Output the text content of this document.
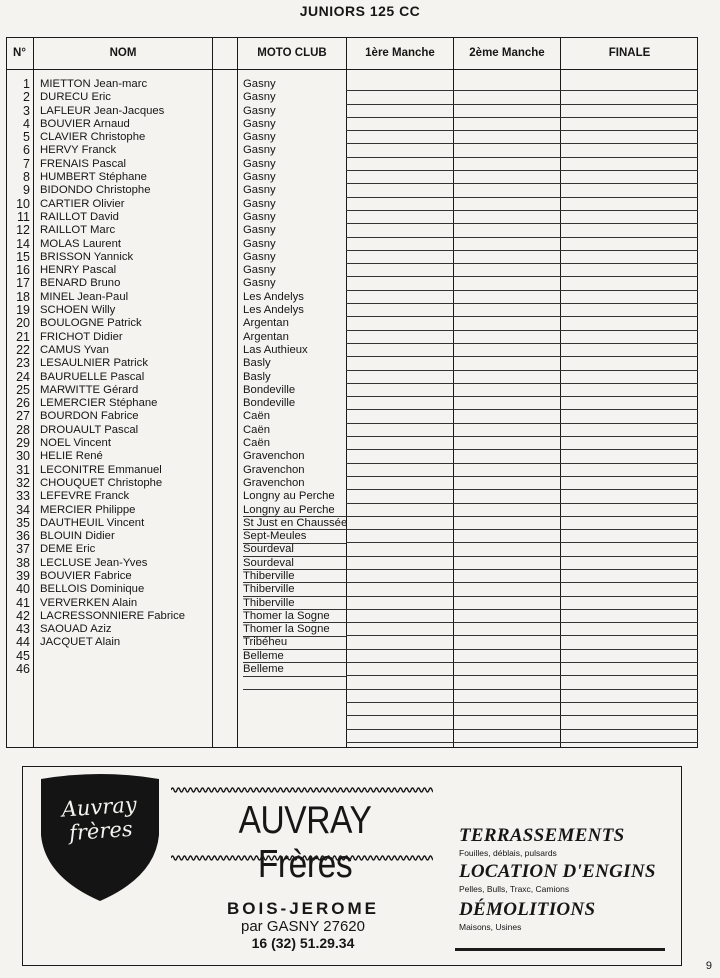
JUNIORS 125 CC
N°	NOM	MOTO CLUB	1ère Manche	2ème Manche	FINALE
1 MIETTON Jean-marc	Gasny
2 DURECU Eric	Gasny
3 LAFLEUR Jean-Jacques	Gasny
4 BOUVIER Arnaud	Gasny
5 CLAVIER Christophe	Gasny
6 HERVY Franck	Gasny
7 FRENAIS Pascal	Gasny
8 HUMBERT Stéphane	Gasny
9 BIDONDO Christophe	Gasny
10 CARTIER Olivier	Gasny
11 RAILLOT David	Gasny
12 RAILLOT Marc	Gasny
14 MOLAS Laurent	Gasny
15 BRISSON Yannick	Gasny
16 HENRY Pascal	Gasny
17 BENARD Bruno	Gasny
18 MINEL Jean-Paul	Les Andelys
19 SCHOEN Willy	Les Andelys
20 BOULOGNE Patrick	Argentan
21 FRICHOT Didier	Argentan
22 CAMUS Yvan	Las Authieux
23 LESAULNIER Patrick	Basly
24 BAURUELLE Pascal	Basly
25 MARWITTE Gérard	Bondeville
26 LEMERCIER Stéphane	Bondeville
27 BOURDON Fabrice	Caën
28 DROUAULT Pascal	Caën
29 NOEL Vincent	Caën
30 HELIE René	Gravenchon
31 LECONITRE Emmanuel	Gravenchon
32 CHOUQUET Christophe	Gravenchon
33 LEFEVRE Franck	Longny au Perche
34 MERCIER Philippe	Longny au Perche
35 DAUTHEUIL Vincent	St Just en Chaussée
36 BLOUIN Didier	Sept-Meules
37 DEME Eric	Sourdeval
38 LECLUSE Jean-Yves	Sourdeval
39 BOUVIER Fabrice	Thiberville
40 BELLOIS Dominique	Thiberville
41 VERVERKEN Alain	Thiberville
42 LACRESSONNIERE Fabrice	Thomer la Sogne
43 SAOUAD Aziz	Thomer la Sogne
44 JACQUET Alain	Tribéheu
45	Belleme
46	Belleme
9
Auvray frères	AUVRAY Frères
BOIS-JEROME
par GASNY 27620
16 (32) 51.29.34
TERRASSEMENTS
Fouilles, déblais, pulsards
LOCATION D'ENGINS
Pelles, Bulls, Traxc, Camions
DÉMOLITIONS
Maisons, Usines
